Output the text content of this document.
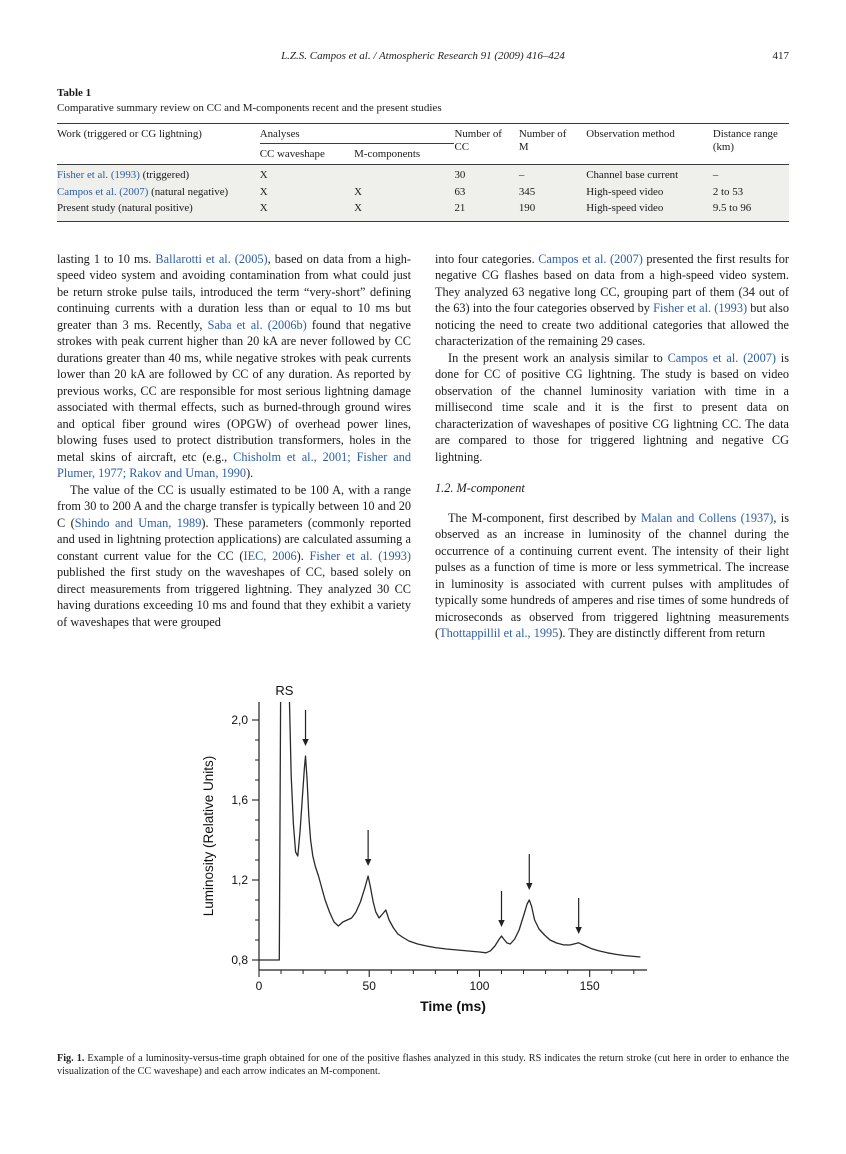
L.Z.S. Campos et al. / Atmospheric Research 91 (2009) 416–424	417
Table 1
Comparative summary review on CC and M-components recent and the present studies
Work (triggered or CG lightning)	Analyses		Number of CC	Number of M	Observation method	Distance range (km)
	CC waveshape	M-components				
Fisher et al. (1993) (triggered)	X		30	–	Channel base current	–
Campos et al. (2007) (natural negative)	X	X	63	345	High-speed video	2 to 53
Present study (natural positive)	X	X	21	190	High-speed video	9.5 to 96

lasting 1 to 10 ms. Ballarotti et al. (2005), based on data from a high-speed video system and avoiding contamination from what could just be return stroke pulse tails, introduced the term “very-short” defining continuing currents with a duration less than or equal to 10 ms but greater than 3 ms. Recently, Saba et al. (2006b) found that negative strokes with peak current higher than 20 kA are never followed by CC durations greater than 40 ms, while negative strokes with peak currents lower than 20 kA are followed by CC of any duration. As reported by previous works, CC are responsible for most serious lightning damage associated with thermal effects, such as burned-through ground wires and optical fiber ground wires (OPGW) of overhead power lines, blowing fuses used to protect distribution transformers, holes in the metal skins of aircraft, etc (e.g., Chisholm et al., 2001; Fisher and Plumer, 1977; Rakov and Uman, 1990).

The value of the CC is usually estimated to be 100 A, with a range from 30 to 200 A and the charge transfer is typically between 10 and 20 C (Shindo and Uman, 1989). These parameters (commonly reported and used in lightning protection applications) are calculated assuming a constant current value for the CC (IEC, 2006). Fisher et al. (1993) published the first study on the waveshapes of CC, based solely on direct measurements from triggered lightning. They analyzed 30 CC having durations exceeding 10 ms and found that they exhibit a variety of waveshapes that were grouped

into four categories. Campos et al. (2007) presented the first results for negative CG flashes based on data from a high-speed video system. They analyzed 63 negative long CC, grouping part of them (34 out of the 63) into the four categories observed by Fisher et al. (1993) but also noticing the need to create two additional categories that allowed the characterization of the remaining 29 cases.

In the present work an analysis similar to Campos et al. (2007) is done for CC of positive CG lightning. The study is based on video observation of the channel luminosity variation with time in a millisecond time scale and it is the first to present data on characterization of waveshapes of positive CG lightning CC. The data are compared to those for triggered lightning and negative CG lightning.

1.2. M-component

The M-component, first described by Malan and Collens (1937), is observed as an increase in luminosity of the channel during the occurrence of a continuing current event. The intensity of their light pulses as a function of time is more or less symmetrical. The increase in luminosity is associated with current pulses with amplitudes of typically some hundreds of amperes and rise times of some hundreds of microseconds as observed from triggered lightning measurements (Thottappillil et al., 1995). They are distinctly different from return

0,8
1,2
1,6
2,0
0	50	100	150
Luminosity (Relative Units)
Time (ms)
RS
Fig. 1. Example of a luminosity-versus-time graph obtained for one of the positive flashes analyzed in this study. RS indicates the return stroke (cut here in order to enhance the visualization of the CC waveshape) and each arrow indicates an M-component.
